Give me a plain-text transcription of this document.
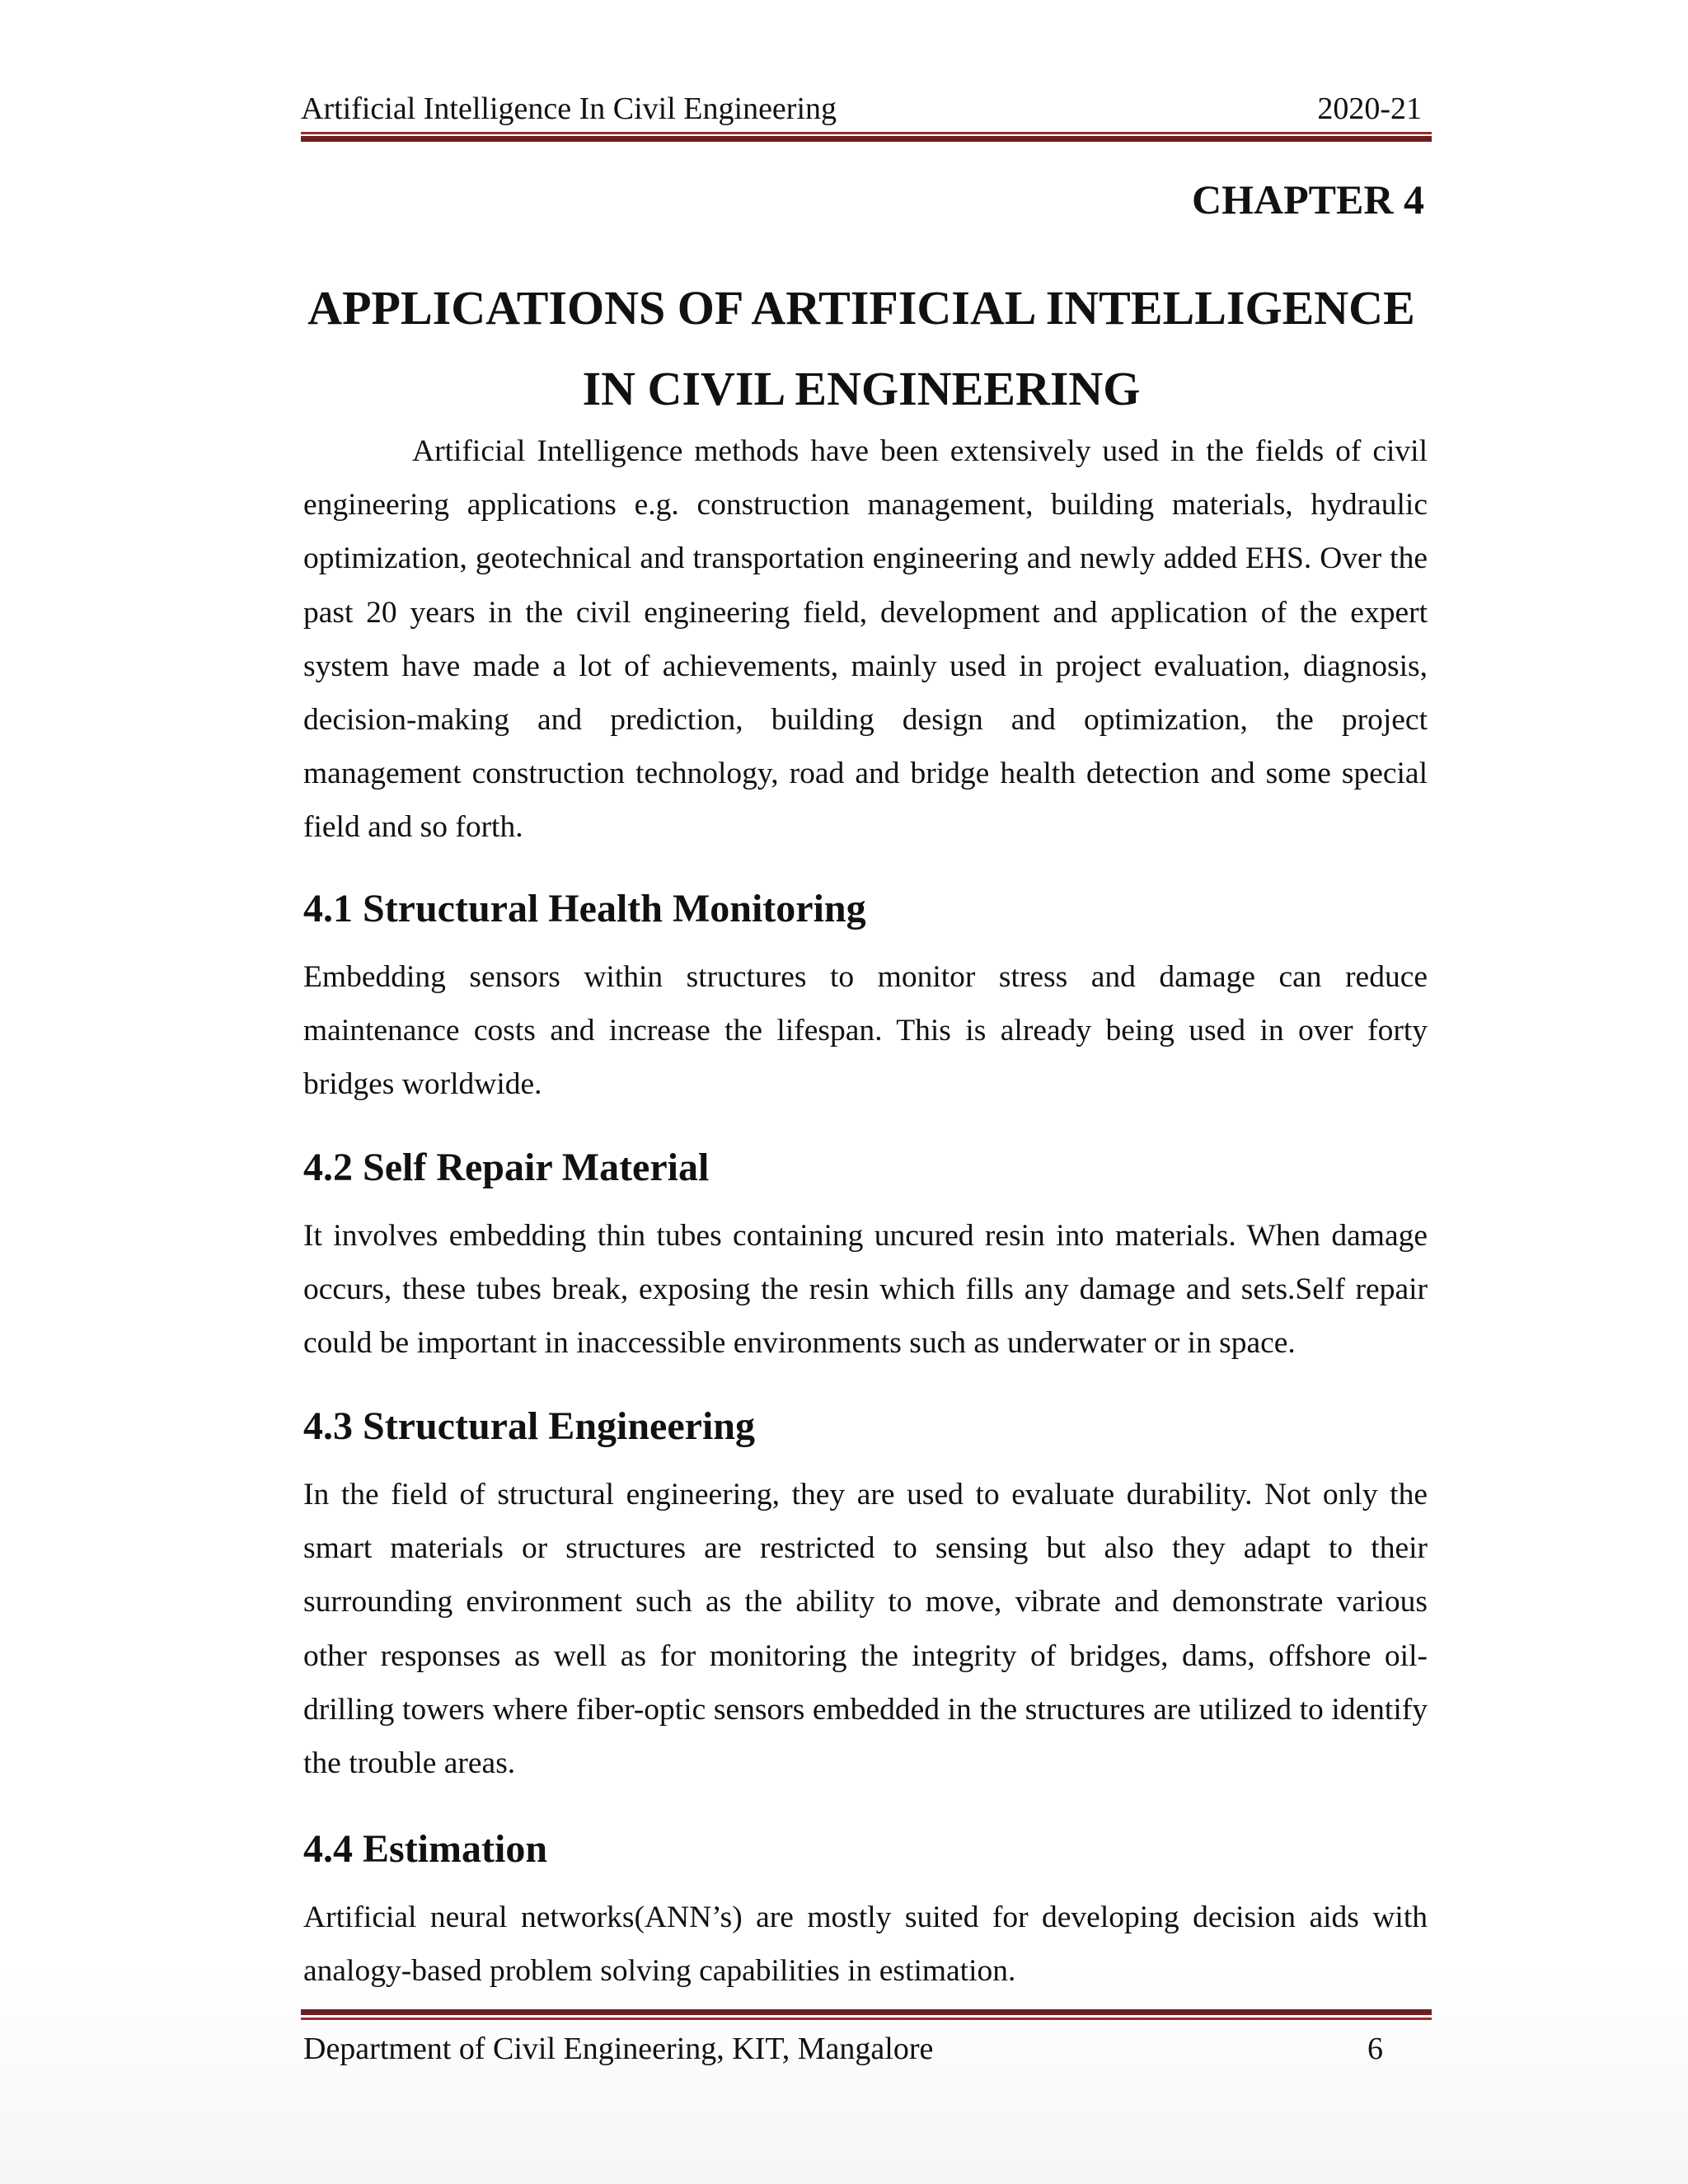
Artificial Intelligence In Civil Engineering	2020-21
CHAPTER 4
APPLICATIONS OF ARTIFICIAL INTELLIGENCE
IN CIVIL ENGINEERING

Artificial Intelligence methods have been extensively used in the fields of civil engineering applications e.g. construction management, building materials, hydraulic optimization, geotechnical and transportation engineering and newly added EHS. Over the past 20 years in the civil engineering field, development and application of the expert system have made a lot of achievements, mainly used in project evaluation, diagnosis, decision-making and prediction, building design and optimization, the project management construction technology, road and bridge health detection and some special field and so forth.

4.1 Structural Health Monitoring

Embedding sensors within structures to monitor stress and damage can reduce maintenance costs and increase the lifespan. This is already being used in over forty bridges worldwide.

4.2 Self Repair Material

It involves embedding thin tubes containing uncured resin into materials. When damage occurs, these tubes break, exposing the resin which fills any damage and sets.Self repair could be important in inaccessible environments such as underwater or in space.

4.3 Structural Engineering

In the field of structural engineering, they are used to evaluate durability. Not only the smart materials or structures are restricted to sensing but also they adapt to their surrounding environment such as the ability to move, vibrate and demonstrate various other responses as well as for monitoring the integrity of bridges, dams, offshore oil-drilling towers where fiber-optic sensors embedded in the structures are utilized to identify the trouble areas.

4.4 Estimation

Artificial neural networks(ANN’s) are mostly suited for developing decision aids with analogy-based problem solving capabilities in estimation.

Department of Civil Engineering, KIT, Mangalore	6
